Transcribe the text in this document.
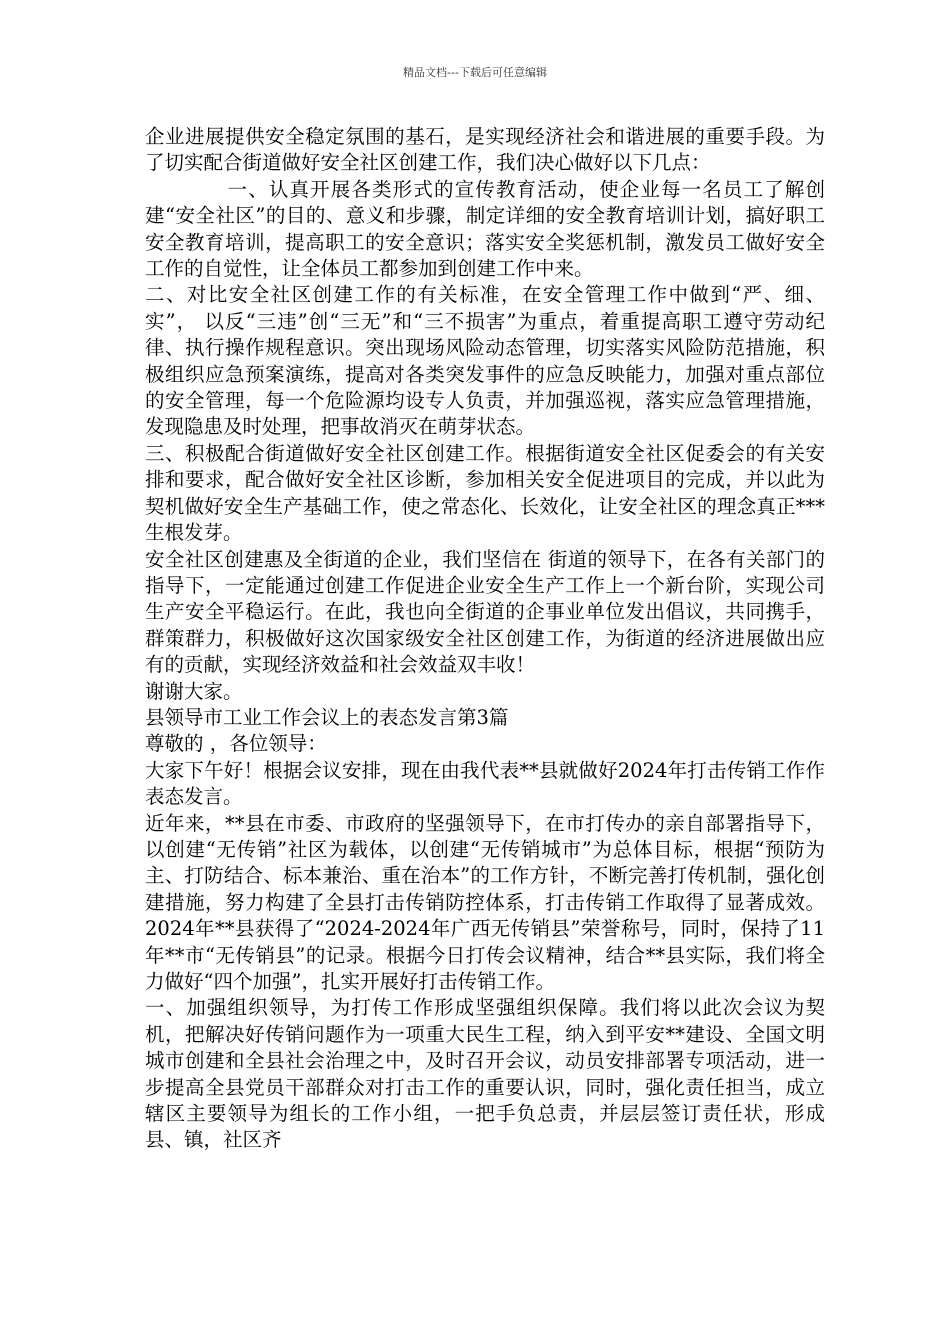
精品文档---下载后可任意编辑

企业进展提供安全稳定氛围的基石，是实现经济社会和谐进展的重要手段。为了切实配合街道做好安全社区创建工作，我们决心做好以下几点：

　　　　一、认真开展各类形式的宣传教育活动，使企业每一名员工了解创建“安全社区”的目的、意义和步骤，制定详细的安全教育培训计划，搞好职工安全教育培训，提高职工的安全意识；落实安全奖惩机制，激发员工做好安全工作的自觉性，让全体员工都参加到创建工作中来。

二、对比安全社区创建工作的有关标准，在安全管理工作中做到“严、细、实”， 以反“三违”创“三无”和“三不损害”为重点，着重提高职工遵守劳动纪律、执行操作规程意识。突出现场风险动态管理，切实落实风险防范措施，积极组织应急预案演练，提高对各类突发事件的应急反映能力，加强对重点部位的安全管理，每一个危险源均设专人负责，并加强巡视，落实应急管理措施，发现隐患及时处理，把事故消灭在萌芽状态。

三、积极配合街道做好安全社区创建工作。根据街道安全社区促委会的有关安排和要求，配合做好安全社区诊断，参加相关安全促进项目的完成，并以此为契机做好安全生产基础工作，使之常态化、长效化，让安全社区的理念真正***生根发芽。

安全社区创建惠及全街道的企业，我们坚信在 街道的领导下，在各有关部门的指导下，一定能通过创建工作促进企业安全生产工作上一个新台阶，实现公司生产安全平稳运行。在此，我也向全街道的企事业单位发出倡议，共同携手，群策群力，积极做好这次国家级安全社区创建工作，为街道的经济进展做出应有的贡献，实现经济效益和社会效益双丰收！

谢谢大家。

县领导市工业工作会议上的表态发言第3篇

尊敬的 ，各位领导：

大家下午好！根据会议安排，现在由我代表**县就做好2024年打击传销工作作表态发言。

近年来，**县在市委、市政府的坚强领导下，在市打传办的亲自部署指导下，以创建“无传销”社区为载体，以创建“无传销城市”为总体目标，根据“预防为主、打防结合、标本兼治、重在治本”的工作方针，不断完善打传机制，强化创建措施，努力构建了全县打击传销防控体系，打击传销工作取得了显著成效。2024年**县获得了“2024-2024年广西无传销县”荣誉称号，同时，保持了11年**市“无传销县”的记录。根据今日打传会议精神，结合**县实际，我们将全力做好“四个加强”，扎实开展好打击传销工作。

一、加强组织领导，为打传工作形成坚强组织保障。我们将以此次会议为契机，把解决好传销问题作为一项重大民生工程，纳入到平安**建设、全国文明城市创建和全县社会治理之中，及时召开会议，动员安排部署专项活动，进一步提高全县党员干部群众对打击工作的重要认识，同时，强化责任担当，成立辖区主要领导为组长的工作小组，一把手负总责，并层层签订责任状，形成县、镇，社区齐
